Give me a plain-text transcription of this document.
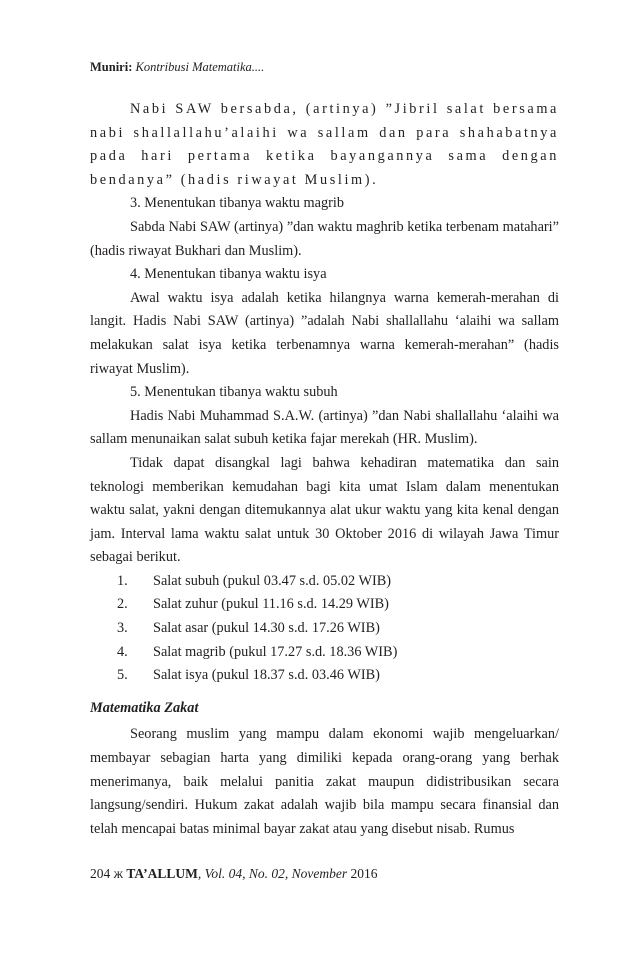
Muniri: Kontribusi Matematika....

Nabi SAW bersabda, (artinya) ”Jibril salat bersama nabi shallallahu’alaihi wa sallam dan para shahabatnya pada hari pertama ketika bayangannya sama dengan bendanya” (hadis riwayat Muslim).

3. Menentukan tibanya waktu magrib

Sabda Nabi SAW (artinya) ”dan waktu maghrib ketika terbenam matahari” (hadis riwayat Bukhari dan Muslim).

4. Menentukan tibanya waktu isya

Awal waktu isya adalah ketika hilangnya warna kemerah-merahan di langit. Hadis Nabi SAW (artinya) ”adalah Nabi shallallahu ‘alaihi wa sallam melakukan salat isya ketika terbenamnya warna kemerah-merahan” (hadis riwayat Muslim).

5. Menentukan tibanya waktu subuh

Hadis Nabi Muhammad S.A.W. (artinya) ”dan Nabi shallallahu ‘alaihi wa sallam menunaikan salat subuh ketika fajar merekah (HR. Muslim).

Tidak dapat disangkal lagi bahwa kehadiran matematika dan sain teknologi memberikan kemudahan bagi kita umat Islam dalam menentukan waktu salat, yakni dengan ditemukannya alat ukur waktu yang kita kenal dengan jam. Interval lama waktu salat untuk 30 Oktober 2016 di wilayah Jawa Timur sebagai berikut.

1.	Salat subuh (pukul 03.47 s.d. 05.02 WIB)
2.	Salat zuhur (pukul 11.16 s.d. 14.29 WIB)
3.	Salat asar (pukul 14.30 s.d. 17.26 WIB)
4.	Salat magrib (pukul 17.27 s.d. 18.36 WIB)
5.	Salat isya (pukul 18.37 s.d. 03.46 WIB)
Matematika Zakat

Seorang muslim yang mampu dalam ekonomi wajib mengeluarkan/ membayar sebagian harta yang dimiliki kepada orang-orang yang berhak menerimanya, baik melalui panitia zakat maupun didistribusikan secara langsung/sendiri. Hukum zakat adalah wajib bila mampu secara finansial dan telah mencapai batas minimal bayar zakat atau yang disebut nisab. Rumus

204 ж TA’ALLUM, Vol. 04, No. 02, November 2016
